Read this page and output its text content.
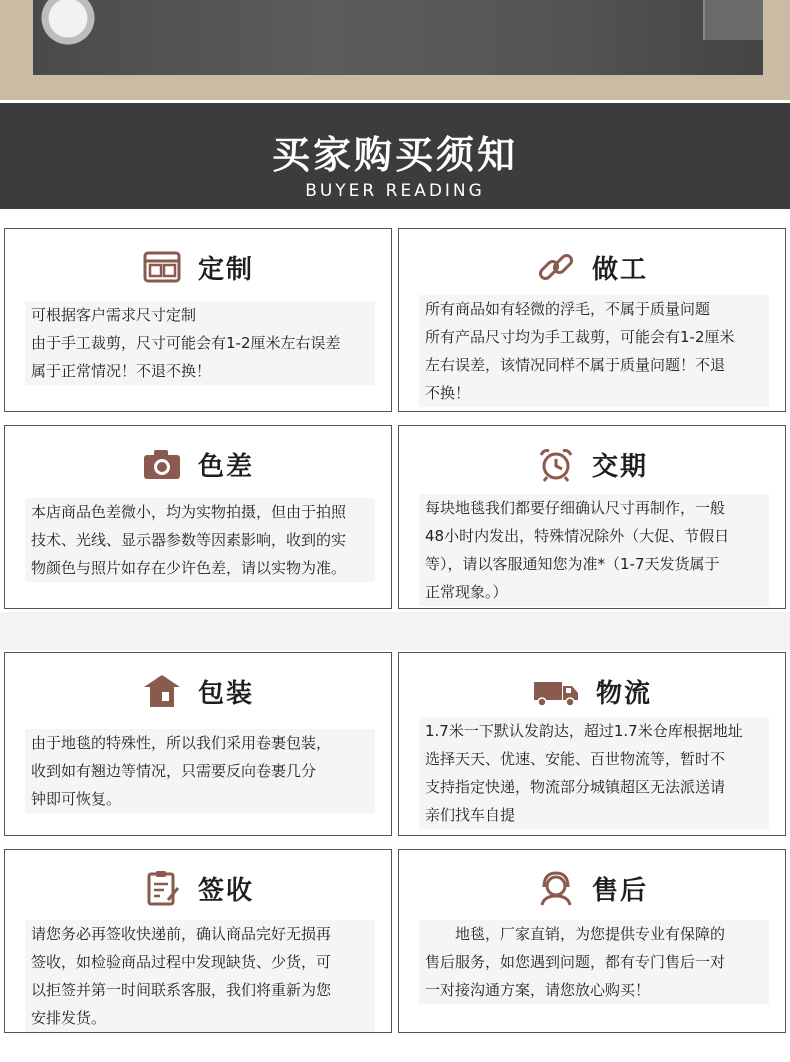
买家购买须知
BUYER READING
定制
可根据客户需求尺寸定制
由于手工裁剪，尺寸可能会有1-2厘米左右误差
属于正常情况！不退不换！
做工
所有商品如有轻微的浮毛，不属于质量问题
所有产品尺寸均为手工裁剪，可能会有1-2厘米
左右误差，该情况同样不属于质量问题！不退
不换！
色差
本店商品色差微小，均为实物拍摄，但由于拍照
技术、光线、显示器参数等因素影响，收到的实
物颜色与照片如存在少许色差，请以实物为准。
交期
每块地毯我们都要仔细确认尺寸再制作，一般
48小时内发出，特殊情况除外（大促、节假日
等），请以客服通知您为准*（1-7天发货属于
正常现象。）
包装
由于地毯的特殊性，所以我们采用卷裹包装，
收到如有翘边等情况，只需要反向卷裹几分
钟即可恢复。
物流
1.7米一下默认发韵达，超过1.7米仓库根据地址
选择天天、优速、安能、百世物流等，暂时不
支持指定快递，物流部分城镇超区无法派送请
亲们找车自提
签收
请您务必再签收快递前，确认商品完好无损再
签收，如检验商品过程中发现缺货、少货，可
以拒签并第一时间联系客服，我们将重新为您
安排发货。
售后
　　地毯，厂家直销，为您提供专业有保障的
售后服务，如您遇到问题，都有专门售后一对
一对接沟通方案，请您放心购买！
